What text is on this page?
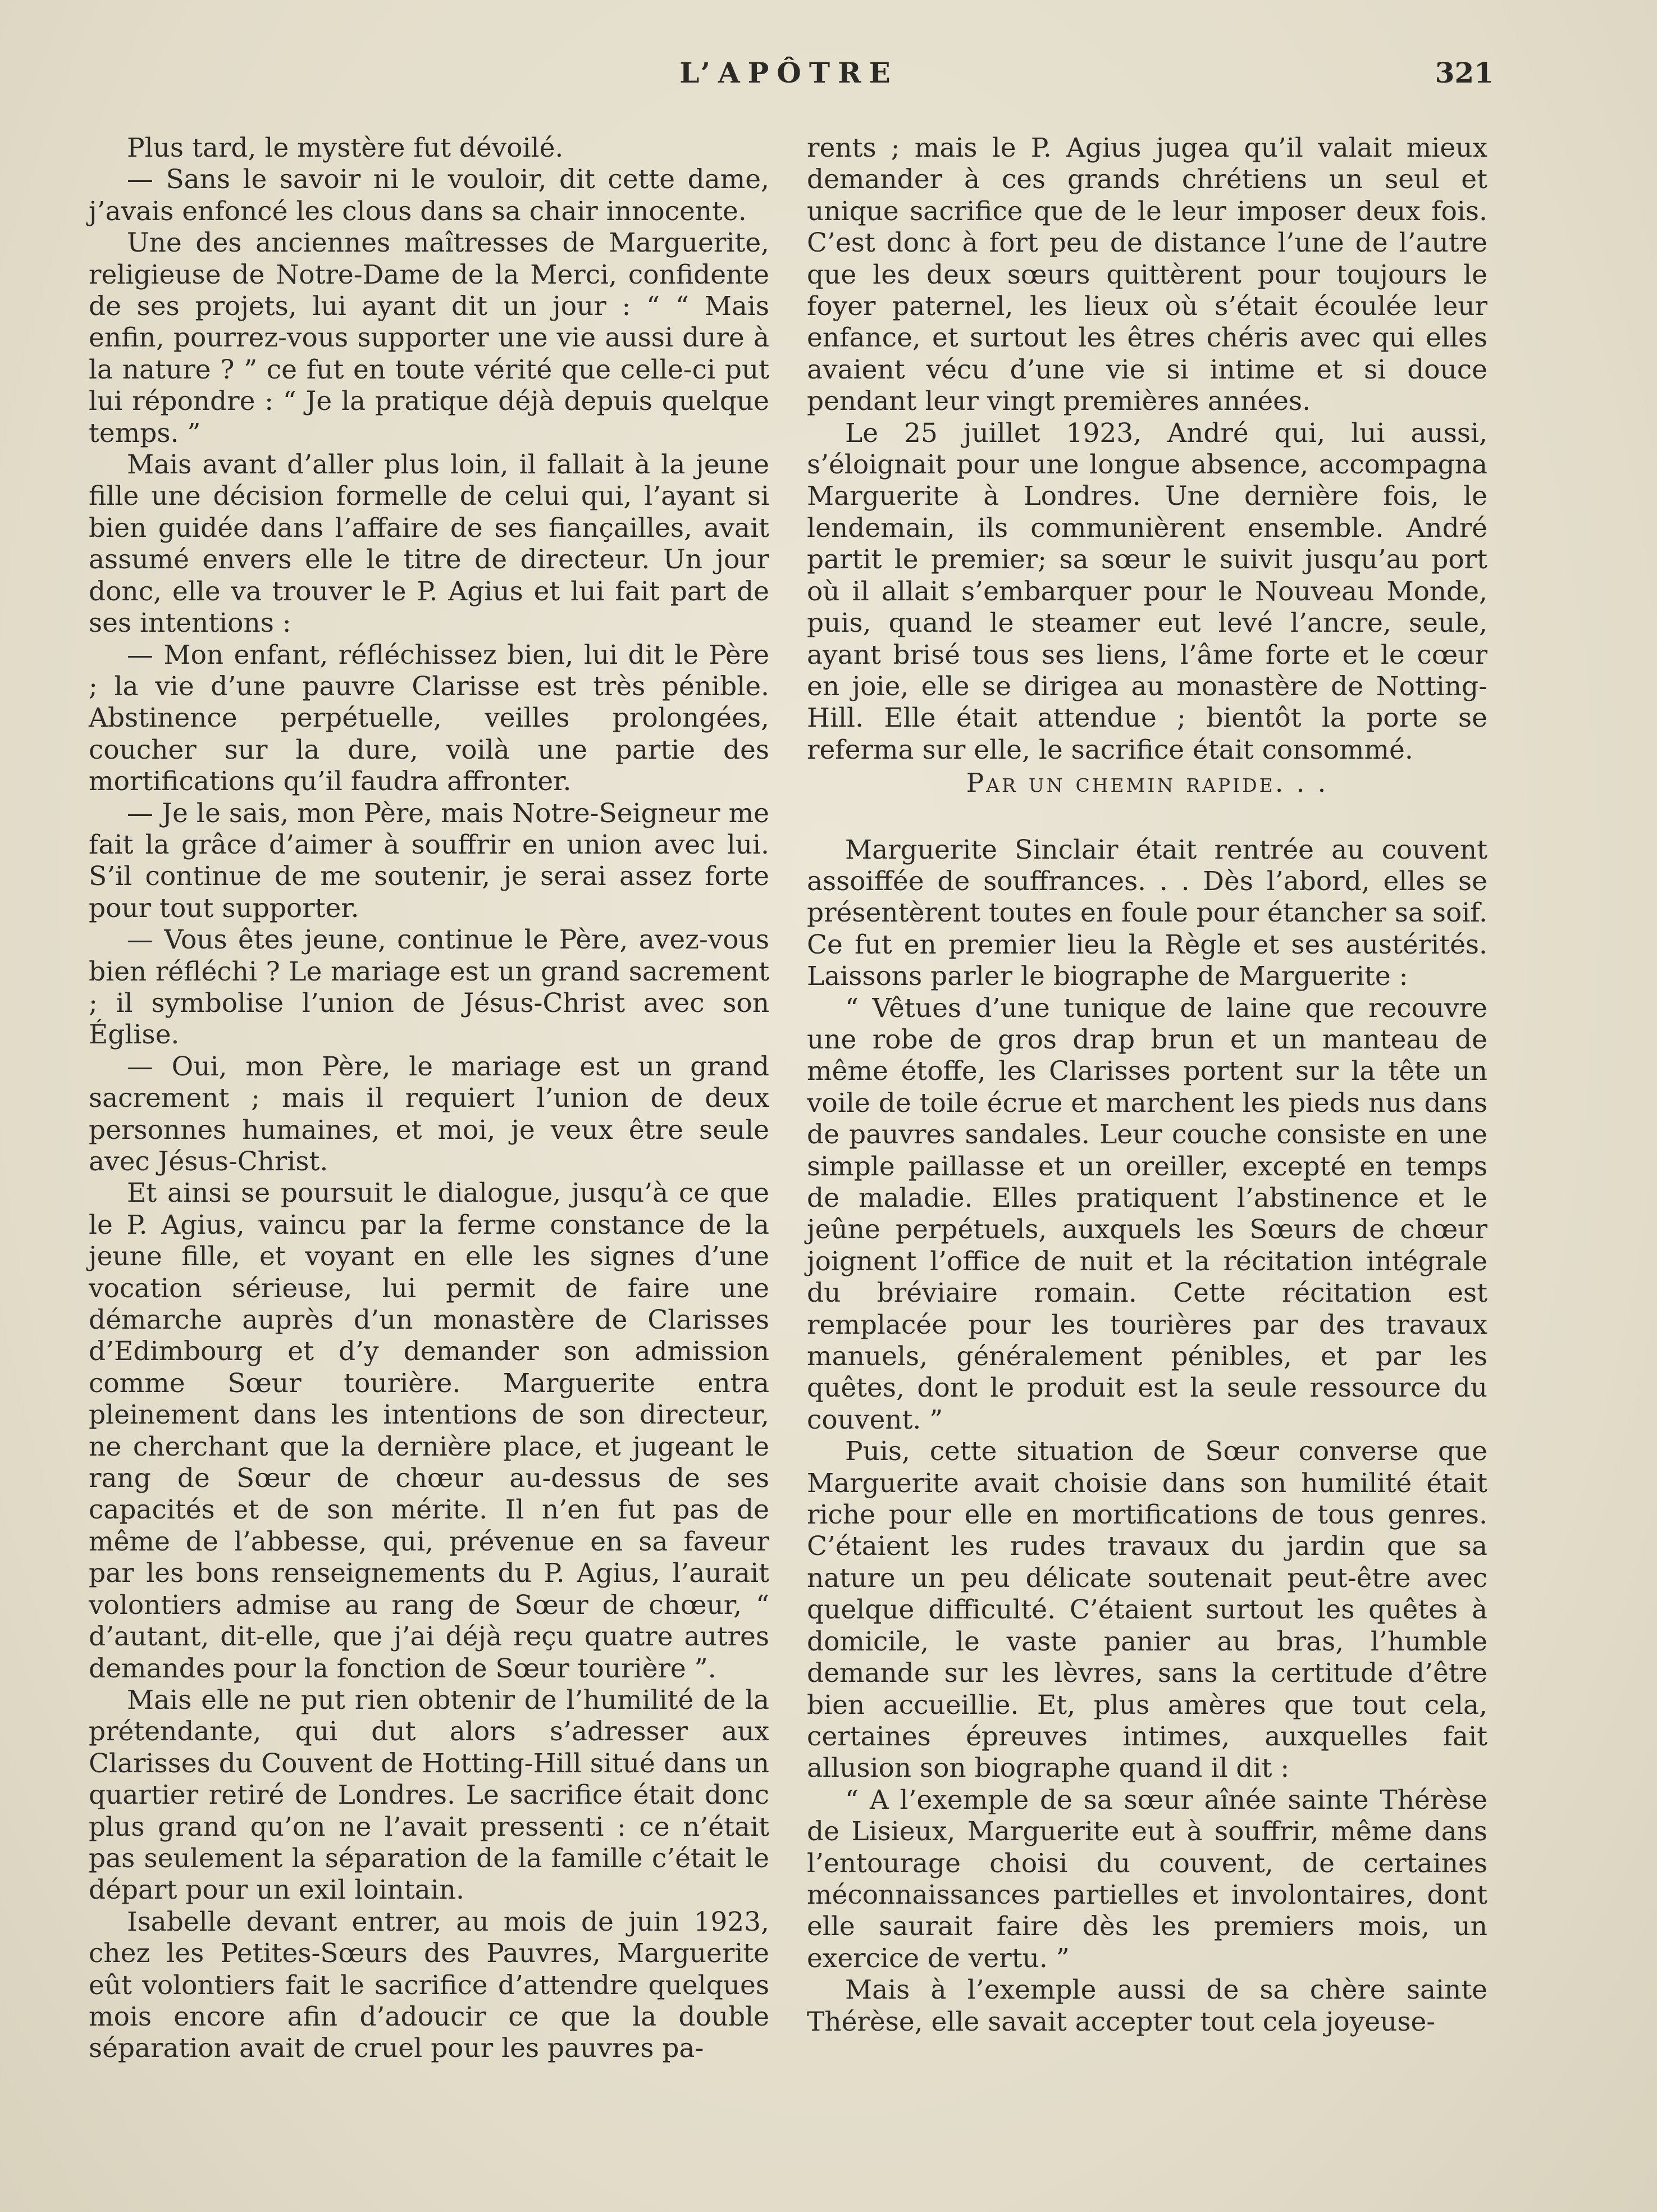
L’APÔTRE	321

Plus tard, le mystère fut dévoilé.

— Sans le savoir ni le vouloir, dit cette dame, j’avais enfoncé les clous dans sa chair innocente.

Une des anciennes maîtresses de Marguerite, religieuse de Notre-Dame de la Merci, confidente de ses projets, lui ayant dit un jour : “ “ Mais enfin, pourrez-vous supporter une vie aussi dure à la nature ? ” ce fut en toute vérité que celle-ci put lui répondre : “ Je la pratique déjà depuis quelque temps. ”

Mais avant d’aller plus loin, il fallait à la jeune fille une décision formelle de celui qui, l’ayant si bien guidée dans l’affaire de ses fiançailles, avait assumé envers elle le titre de directeur. Un jour donc, elle va trouver le P. Agius et lui fait part de ses intentions :

— Mon enfant, réfléchissez bien, lui dit le Père ; la vie d’une pauvre Clarisse est très pénible. Abstinence perpétuelle, veilles prolongées, coucher sur la dure, voilà une partie des mortifications qu’il faudra affronter.

— Je le sais, mon Père, mais Notre-Seigneur me fait la grâce d’aimer à souffrir en union avec lui. S’il continue de me soutenir, je serai assez forte pour tout supporter.

— Vous êtes jeune, continue le Père, avez-vous bien réfléchi ? Le mariage est un grand sacrement ; il symbolise l’union de Jésus-Christ avec son Église.

— Oui, mon Père, le mariage est un grand sacrement ; mais il requiert l’union de deux personnes humaines, et moi, je veux être seule avec Jésus-Christ.

Et ainsi se poursuit le dialogue, jusqu’à ce que le P. Agius, vaincu par la ferme constance de la jeune fille, et voyant en elle les signes d’une vocation sérieuse, lui permit de faire une démarche auprès d’un monastère de Clarisses d’Edimbourg et d’y demander son admission comme Sœur tourière. Marguerite entra pleinement dans les intentions de son directeur, ne cherchant que la dernière place, et jugeant le rang de Sœur de chœur au-dessus de ses capacités et de son mérite. Il n’en fut pas de même de l’abbesse, qui, prévenue en sa faveur par les bons renseignements du P. Agius, l’aurait volontiers admise au rang de Sœur de chœur, “ d’autant, dit-elle, que j’ai déjà reçu quatre autres demandes pour la fonction de Sœur tourière ”.

Mais elle ne put rien obtenir de l’humilité de la prétendante, qui dut alors s’adresser aux Clarisses du Couvent de Hotting-Hill situé dans un quartier retiré de Londres. Le sacrifice était donc plus grand qu’on ne l’avait pressenti : ce n’était pas seulement la séparation de la famille c’était le départ pour un exil lointain.

Isabelle devant entrer, au mois de juin 1923, chez les Petites-Sœurs des Pauvres, Marguerite eût volontiers fait le sacrifice d’attendre quelques mois encore afin d’adoucir ce que la double séparation avait de cruel pour les pauvres pa-

rents ; mais le P. Agius jugea qu’il valait mieux demander à ces grands chrétiens un seul et unique sacrifice que de le leur imposer deux fois. C’est donc à fort peu de distance l’une de l’autre que les deux sœurs quittèrent pour toujours le foyer paternel, les lieux où s’était écoulée leur enfance, et surtout les êtres chéris avec qui elles avaient vécu d’une vie si intime et si douce pendant leur vingt premières années.

Le 25 juillet 1923, André qui, lui aussi, s’éloignait pour une longue absence, accompagna Marguerite à Londres. Une dernière fois, le lendemain, ils communièrent ensemble. André partit le premier; sa sœur le suivit jusqu’au port où il allait s’embarquer pour le Nouveau Monde, puis, quand le steamer eut levé l’ancre, seule, ayant brisé tous ses liens, l’âme forte et le cœur en joie, elle se dirigea au monastère de Notting-Hill. Elle était attendue ; bientôt la porte se referma sur elle, le sacrifice était consommé.

Par un chemin rapide. . .

Marguerite Sinclair était rentrée au couvent assoiffée de souffrances. . . Dès l’abord, elles se présentèrent toutes en foule pour étancher sa soif. Ce fut en premier lieu la Règle et ses austérités. Laissons parler le biographe de Marguerite :

“ Vêtues d’une tunique de laine que recouvre une robe de gros drap brun et un manteau de même étoffe, les Clarisses portent sur la tête un voile de toile écrue et marchent les pieds nus dans de pauvres sandales. Leur couche consiste en une simple paillasse et un oreiller, excepté en temps de maladie. Elles pratiquent l’abstinence et le jeûne perpétuels, auxquels les Sœurs de chœur joignent l’office de nuit et la récitation intégrale du bréviaire romain. Cette récitation est remplacée pour les tourières par des travaux manuels, généralement pénibles, et par les quêtes, dont le produit est la seule ressource du couvent. ”

Puis, cette situation de Sœur converse que Marguerite avait choisie dans son humilité était riche pour elle en mortifications de tous genres. C’étaient les rudes travaux du jardin que sa nature un peu délicate soutenait peut-être avec quelque difficulté. C’étaient surtout les quêtes à domicile, le vaste panier au bras, l’humble demande sur les lèvres, sans la certitude d’être bien accueillie. Et, plus amères que tout cela, certaines épreuves intimes, auxquelles fait allusion son biographe quand il dit :

“ A l’exemple de sa sœur aînée sainte Thérèse de Lisieux, Marguerite eut à souffrir, même dans l’entourage choisi du couvent, de certaines méconnaissances partielles et involontaires, dont elle saurait faire dès les premiers mois, un exercice de vertu. ”

Mais à l’exemple aussi de sa chère sainte Thérèse, elle savait accepter tout cela joyeuse-
